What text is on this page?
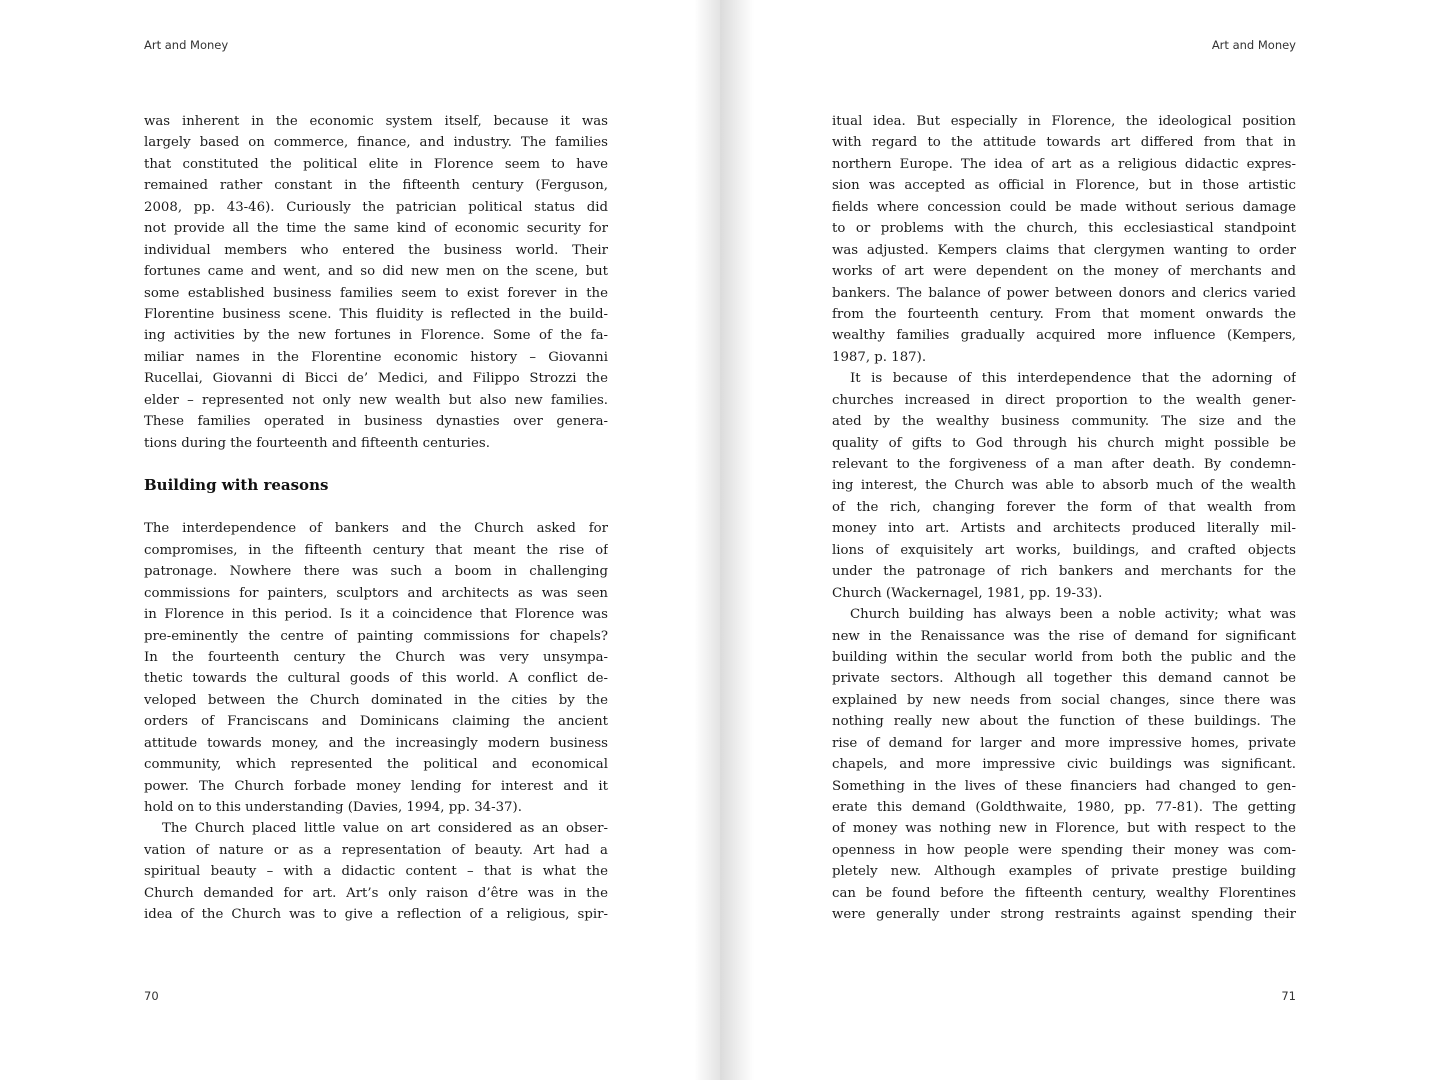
Art and Money

was inherent in the economic system itself, because it was
largely based on commerce, finance, and industry. The families
that constituted the political elite in Florence seem to have
remained rather constant in the fifteenth century (Ferguson,
2008, pp. 43-46). Curiously the patrician political status did
not provide all the time the same kind of economic security for
individual members who entered the business world. Their
fortunes came and went, and so did new men on the scene, but
some established business families seem to exist forever in the
Florentine business scene. This fluidity is reflected in the build-
ing activities by the new fortunes in Florence. Some of the fa-
miliar names in the Florentine economic history – Giovanni
Rucellai, Giovanni di Bicci de’ Medici, and Filippo Strozzi the
elder – represented not only new wealth but also new families.
These families operated in business dynasties over genera-
tions during the fourteenth and fifteenth centuries.
Building with reasons
The interdependence of bankers and the Church asked for
compromises, in the fifteenth century that meant the rise of
patronage. Nowhere there was such a boom in challenging
commissions for painters, sculptors and architects as was seen
in Florence in this period. Is it a coincidence that Florence was
pre-eminently the centre of painting commissions for chapels?
In the fourteenth century the Church was very unsympa-
thetic towards the cultural goods of this world. A conflict de-
veloped between the Church dominated in the cities by the
orders of Franciscans and Dominicans claiming the ancient
attitude towards money, and the increasingly modern business
community, which represented the political and economical
power. The Church forbade money lending for interest and it
hold on to this understanding (Davies, 1994, pp. 34-37).
The Church placed little value on art considered as an obser-
vation of nature or as a representation of beauty. Art had a
spiritual beauty – with a didactic content – that is what the
Church demanded for art. Art’s only raison d’être was in the
idea of the Church was to give a reflection of a religious, spir-

70

Art and Money

itual idea. But especially in Florence, the ideological position
with regard to the attitude towards art differed from that in
northern Europe. The idea of art as a religious didactic expres-
sion was accepted as official in Florence, but in those artistic
fields where concession could be made without serious damage
to or problems with the church, this ecclesiastical standpoint
was adjusted. Kempers claims that clergymen wanting to order
works of art were dependent on the money of merchants and
bankers. The balance of power between donors and clerics varied
from the fourteenth century. From that moment onwards the
wealthy families gradually acquired more influence (Kempers,
1987, p. 187).
It is because of this interdependence that the adorning of
churches increased in direct proportion to the wealth gener-
ated by the wealthy business community. The size and the
quality of gifts to God through his church might possible be
relevant to the forgiveness of a man after death. By condemn-
ing interest, the Church was able to absorb much of the wealth
of the rich, changing forever the form of that wealth from
money into art. Artists and architects produced literally mil-
lions of exquisitely art works, buildings, and crafted objects
under the patronage of rich bankers and merchants for the
Church (Wackernagel, 1981, pp. 19-33).
Church building has always been a noble activity; what was
new in the Renaissance was the rise of demand for significant
building within the secular world from both the public and the
private sectors. Although all together this demand cannot be
explained by new needs from social changes, since there was
nothing really new about the function of these buildings. The
rise of demand for larger and more impressive homes, private
chapels, and more impressive civic buildings was significant.
Something in the lives of these financiers had changed to gen-
erate this demand (Goldthwaite, 1980, pp. 77-81). The getting
of money was nothing new in Florence, but with respect to the
openness in how people were spending their money was com-
pletely new. Although examples of private prestige building
can be found before the fifteenth century, wealthy Florentines
were generally under strong restraints against spending their

71
